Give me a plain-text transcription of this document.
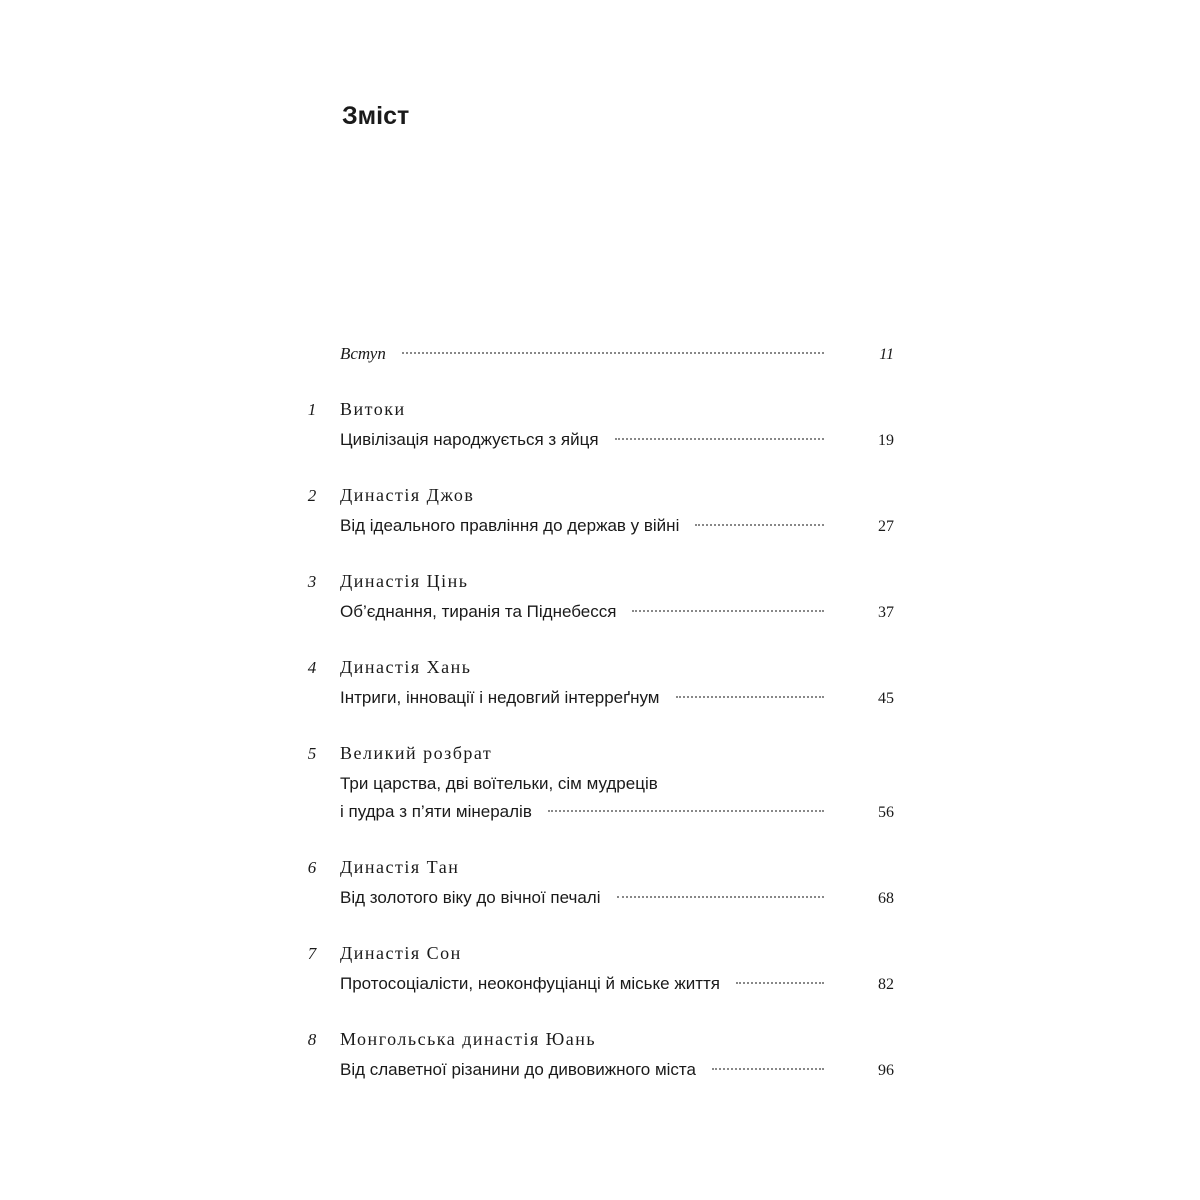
Зміст
Вступ	11
1	Витоки
Цивілізація народжується з яйця	19
2	Династія Джов
Від ідеального правління до держав у війні	27
3	Династія Цінь
Об’єднання, тиранія та Піднебесся	37
4	Династія Хань
Інтриги, інновації і недовгий інтерреґнум	45
5	Великий розбрат
Три царства, дві воїтельки, сім мудреців
і пудра з п’яти мінералів	56
6	Династія Тан
Від золотого віку до вічної печалі	68
7	Династія Сон
Протосоціалісти, неоконфуціанці й міське життя	82
8	Монгольська династія Юань
Від славетної різанини до дивовижного міста	96
